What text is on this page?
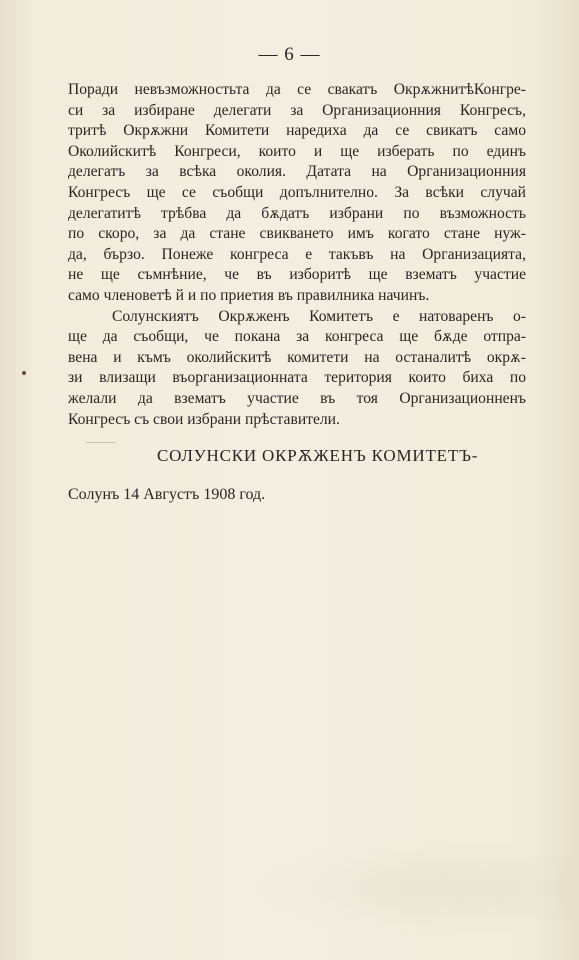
— 6 —
Поради невъзможностьта да се свакатъ ОкрѫжнитѣКонгре-
си за избиране делегати за Организационния Конгресъ,
тритѣ Окрѫжни Комитети наредиха да се свикатъ само
Околийскитѣ Конгреси, които и ще изберать по единъ
делегатъ за всѣка околия. Датата на Организационния
Конгресъ ще се съобщи допълнително. За всѣки случай
делегатитѣ трѣбва да бѫдатъ избрани по възможность
по скоро, за да стане свикването имъ когато стане нуж-
да, бързо. Понеже конгреса е такъвъ на Организацията,
не ще съмнѣние, че въ изборитѣ ще взематъ участие
само членоветѣ й и по приетия въ правилника начинъ.
Солунскиятъ Окрѫженъ Комитетъ е натоваренъ о-
ще да съобщи, че покана за конгреса ще бѫде отпра-
вена и къмъ околийскитѣ комитети на останалитѣ окрѫ-
зи влизащи въорганизационната територия които биха по
желали да взематъ участие въ тоя Организационненъ
Конгресъ съ свои избрани прѣставители.
СОЛУНСКИ ОКРѪЖЕНЪ КОМИТЕТЪ-
Солунъ 14 Августъ 1908 год.
